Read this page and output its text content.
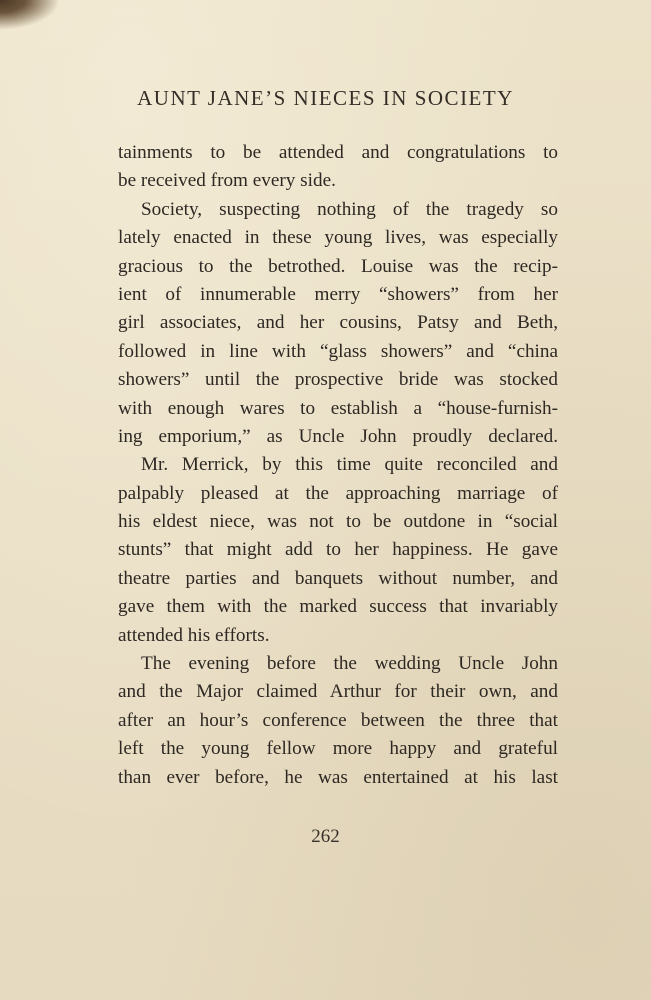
AUNT JANE’S NIECES IN SOCIETY
tainments to be attended and congratulations to
be received from every side.
Society, suspecting nothing of the tragedy so
lately enacted in these young lives, was especially
gracious to the betrothed. Louise was the recip-
ient of innumerable merry “showers” from her
girl associates, and her cousins, Patsy and Beth,
followed in line with “glass showers” and “china
showers” until the prospective bride was stocked
with enough wares to establish a “house-furnish-
ing emporium,” as Uncle John proudly declared.
Mr. Merrick, by this time quite reconciled and
palpably pleased at the approaching marriage of
his eldest niece, was not to be outdone in “social
stunts” that might add to her happiness. He gave
theatre parties and banquets without number, and
gave them with the marked success that invariably
attended his efforts.
The evening before the wedding Uncle John
and the Major claimed Arthur for their own, and
after an hour’s conference between the three that
left the young fellow more happy and grateful
than ever before, he was entertained at his last
262
